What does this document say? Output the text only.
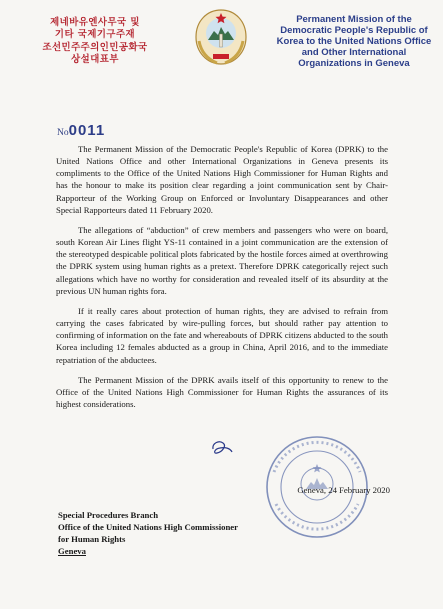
제네바유엔사무국 및
기타 국제기구주재
조선민주주의인민공화국
상설대표부
Permanent Mission of the
Democratic People's Republic of
Korea to the United Nations Office
and Other International
Organizations in Geneva
No0011

The Permanent Mission of the Democratic People's Republic of Korea (DPRK) to the United Nations Office and other International Organizations in Geneva presents its compliments to the Office of the United Nations High Commissioner for Human Rights and has the honour to make its position clear regarding a joint communication sent by Chair-Rapporteur of the Working Group on Enforced or Involuntary Disappearances and other Special Rapporteurs dated 11 February 2020.

The allegations of “abduction” of crew members and passengers who were on board, south Korean Air Lines flight YS-11 contained in a joint communication are the extension of the stereotyped despicable political plots fabricated by the hostile forces aimed at overthrowing the DPRK system using human rights as a pretext. Therefore DPRK categorically reject such allegations which have no worthy for consideration and revealed itself of its absurdity at the previous UN human rights fora.

If it really cares about protection of human rights, they are advised to refrain from carrying the cases fabricated by wire-pulling forces, but should rather pay attention to confirming of information on the fate and whereabouts of DPRK citizens abducted to the south Korea including 12 females abducted as a group in China, April 2016, and to the immediate repatriation of the abductees.

The Permanent Mission of the DPRK avails itself of this opportunity to renew to the Office of the United Nations High Commissioner for Human Rights the assurances of its highest considerations.

Geneva, 24 February 2020
Special Procedures Branch
Office of the United Nations High Commissioner
for Human Rights
Geneva
